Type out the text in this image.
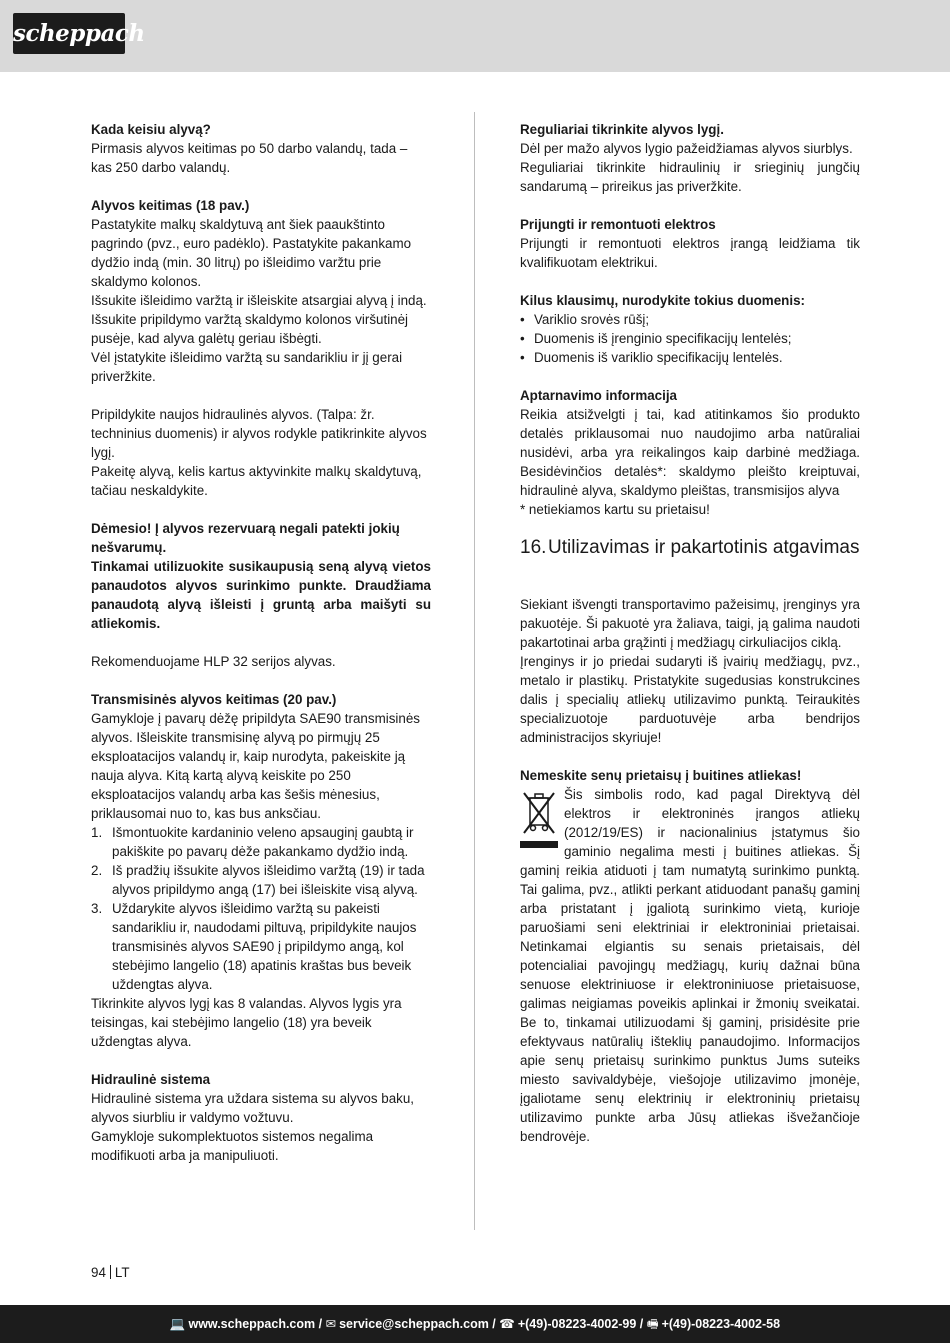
scheppach

Kada keisiu alyvą?

Pirmasis alyvos keitimas po 50 darbo valandų, tada – kas 250 darbo valandų.

Alyvos keitimas (18 pav.)

Pastatykite malkų skaldytuvą ant šiek paaukštinto pagrindo (pvz., euro padėklo). Pastatykite pakankamo dydžio indą (min. 30 litrų) po išleidimo varžtu prie skaldymo kolonos.

Išsukite išleidimo varžtą ir išleiskite atsargiai alyvą į indą.

Išsukite pripildymo varžtą skaldymo kolonos viršutinėj pusėje, kad alyva galėtų geriau išbėgti.

Vėl įstatykite išleidimo varžtą su sandarikliu ir jį gerai priveržkite.

Pripildykite naujos hidraulinės alyvos. (Talpa: žr. techninius duomenis) ir alyvos rodykle patikrinkite alyvos lygį.

Pakeitę alyvą, kelis kartus aktyvinkite malkų skaldytuvą, tačiau neskaldykite.

Dėmesio! Į alyvos rezervuarą negali patekti jokių nešvarumų.

Tinkamai utilizuokite susikaupusią seną alyvą vietos panaudotos alyvos surinkimo punkte. Draudžiama panaudotą alyvą išleisti į gruntą arba maišyti su atliekomis.

Rekomenduojame HLP 32 serijos alyvas.

Transmisinės alyvos keitimas (20 pav.)

Gamykloje į pavarų dėžę pripildyta SAE90 transmisinės alyvos. Išleiskite transmisinę alyvą po pirmųjų 25 eksploatacijos valandų ir, kaip nurodyta, pakeiskite ją nauja alyva. Kitą kartą alyvą keiskite po 250 eksploatacijos valandų arba kas šešis mėnesius, priklausomai nuo to, kas bus anksčiau.

1. Išmontuokite kardaninio veleno apsauginį gaubtą ir pakiškite po pavarų dėže pakankamo dydžio indą.
2. Iš pradžių išsukite alyvos išleidimo varžtą (19) ir tada alyvos pripildymo angą (17) bei išleiskite visą alyvą.
3. Uždarykite alyvos išleidimo varžtą su pakeisti sandarikliu ir, naudodami piltuvą, pripildykite naujos transmisinės alyvos SAE90 į pripildymo angą, kol stebėjimo langelio (18) apatinis kraštas bus beveik uždengtas alyva.

Tikrinkite alyvos lygį kas 8 valandas. Alyvos lygis yra teisingas, kai stebėjimo langelio (18) yra beveik uždengtas alyva.

Hidraulinė sistema

Hidraulinė sistema yra uždara sistema su alyvos baku, alyvos siurbliu ir valdymo vožtuvu.

Gamykloje sukomplektuotos sistemos negalima modifikuoti arba ja manipuliuoti.

Reguliariai tikrinkite alyvos lygį.

Dėl per mažo alyvos lygio pažeidžiamas alyvos siurblys.

Reguliariai tikrinkite hidraulinių ir srieginių jungčių sandarumą – prireikus jas priveržkite.

Prijungti ir remontuoti elektros

Prijungti ir remontuoti elektros įrangą leidžiama tik kvalifikuotam elektrikui.

Kilus klausimų, nurodykite tokius duomenis:

• Variklio srovės rūšį;
• Duomenis iš įrenginio specifikacijų lentelės;
• Duomenis iš variklio specifikacijų lentelės.

Aptarnavimo informacija

Reikia atsižvelgti į tai, kad atitinkamos šio produkto detalės priklausomai nuo naudojimo arba natūraliai nusidėvi, arba yra reikalingos kaip darbinė medžiaga. Besidėvinčios detalės*: skaldymo pleišto kreiptuvai, hidraulinė alyva, skaldymo pleištas, transmisijos alyva

* netiekiamos kartu su prietaisu!

16. Utilizavimas ir pakartotinis atgavimas

Siekiant išvengti transportavimo pažeisimų, įrenginys yra pakuotėje. Ši pakuotė yra žaliava, taigi, ją galima naudoti pakartotinai arba grąžinti į medžiagų cirkuliacijos ciklą.

Įrenginys ir jo priedai sudaryti iš įvairių medžiagų, pvz., metalo ir plastikų. Pristatykite sugedusias konstrukcines dalis į specialių atliekų utilizavimo punktą. Teiraukitės specializuotoje parduotuvėje arba bendrijos administracijos skyriuje!

Nemeskite senų prietaisų į buitines atliekas!

Šis simbolis rodo, kad pagal Direktyvą dėl elektros ir elektroninės įrangos atliekų (2012/19/ES) ir nacionalinius įstatymus šio gaminio negalima mesti į buitines atliekas. Šį gaminį reikia atiduoti į tam numatytą surinkimo punktą. Tai galima, pvz., atlikti perkant atiduodant panašų gaminį arba pristatant į įgaliotą surinkimo vietą, kurioje paruošiami seni elektriniai ir elektroniniai prietaisai. Netinkamai elgiantis su senais prietaisais, dėl potencialiai pavojingų medžiagų, kurių dažnai būna senuose elektriniuose ir elektroniniuose prietaisuose, galimas neigiamas poveikis aplinkai ir žmonių sveikatai. Be to, tinkamai utilizuodami šį gaminį, prisidėsite prie efektyvaus natūralių išteklių panaudojimo. Informacijos apie senų prietaisų surinkimo punktus Jums suteiks miesto savivaldybėje, viešojoje utilizavimo įmonėje, įgaliotame senų elektrinių ir elektroninių prietaisų utilizavimo punkte arba Jūsų atliekas išvežančioje bendrovėje.

94 LT
💻 www.scheppach.com / ✉ service@scheppach.com / ☎ +(49)-08223-4002-99 / 🖷 +(49)-08223-4002-58
